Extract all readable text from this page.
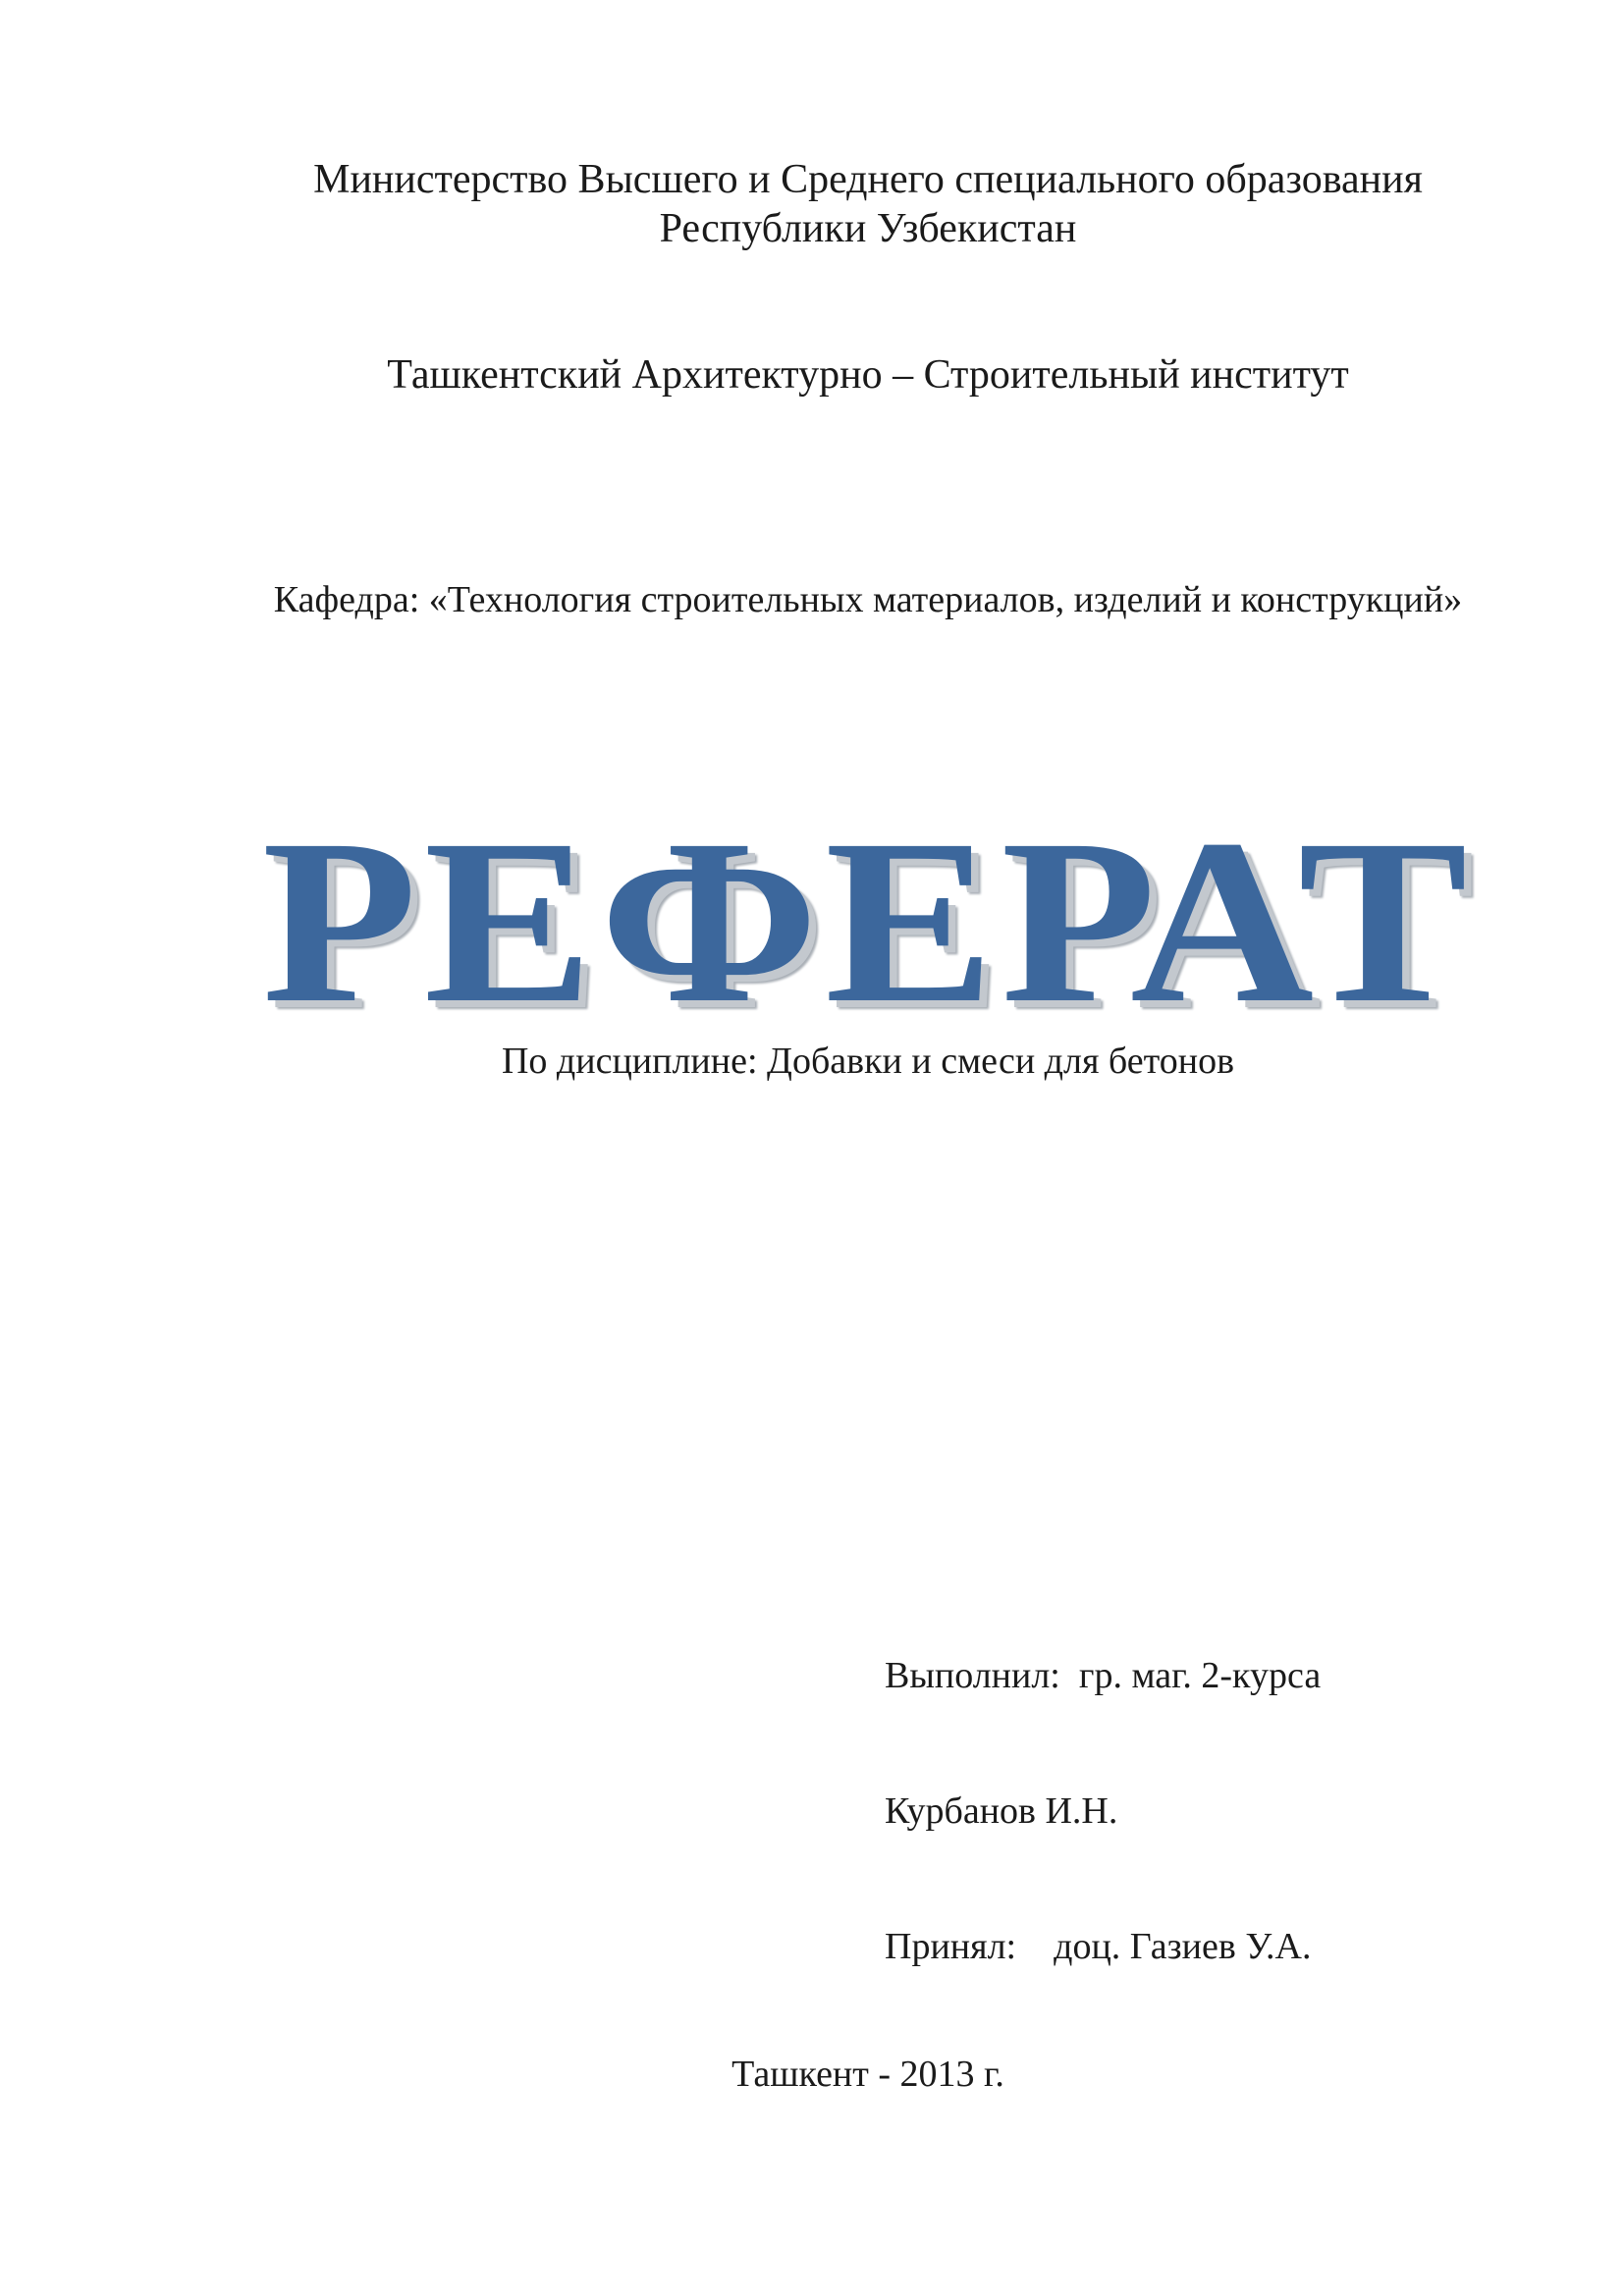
Министерство Высшего и Среднего специального образования
Республики Узбекистан
Ташкентский Архитектурно – Строительный институт
Кафедра: «Технология строительных материалов, изделий и конструкций»
РЕФЕРАТ
По дисциплине: Добавки и смеси для бетонов

Выполнил:  гр. маг. 2-курса

Курбанов И.Н.

Принял:    доц. Газиев У.А.

Ташкент - 2013 г.
